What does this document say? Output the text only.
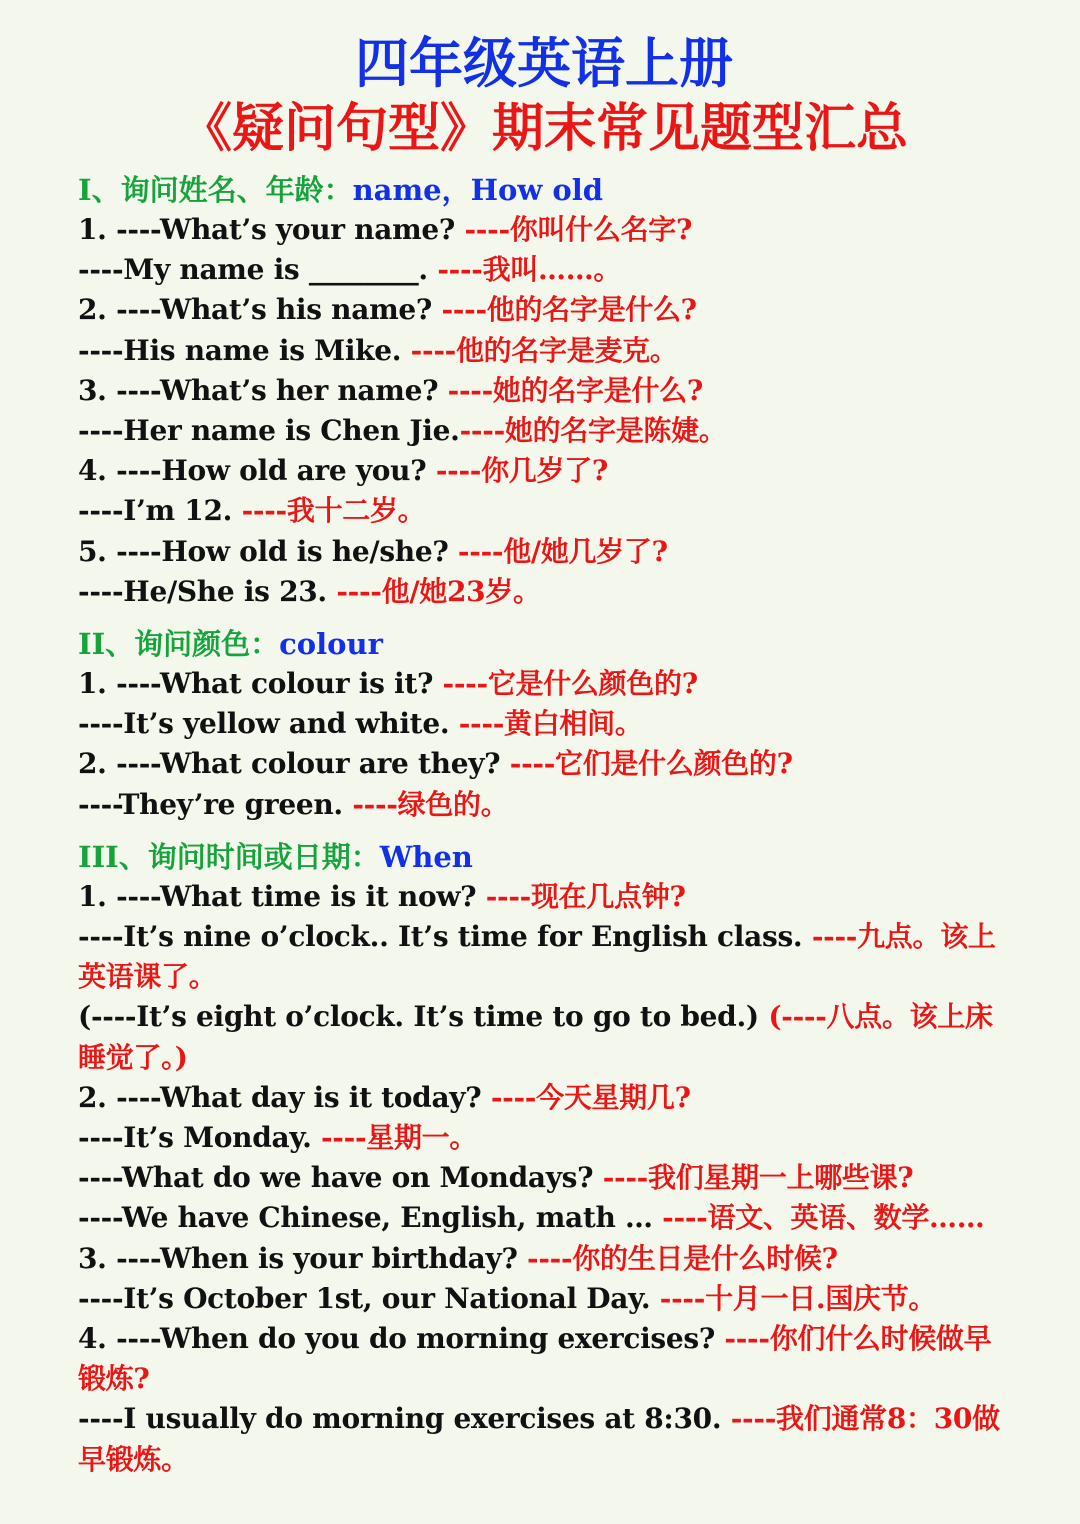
四年级英语上册
《疑问句型》期末常见题型汇总
I、询问姓名、年龄：name，How old
1. ----What’s your name? ----你叫什么名字?
----My name is ________. ----我叫……。
2. ----What’s his name? ----他的名字是什么?
----His name is Mike. ----他的名字是麦克。
3. ----What’s her name? ----她的名字是什么?
----Her name is Chen Jie.----她的名字是陈婕。
4. ----How old are you? ----你几岁了?
----I’m 12. ----我十二岁。
5. ----How old is he/she? ----他/她几岁了?
----He/She is 23. ----他/她23岁。
II、询问颜色：colour
1. ----What colour is it? ----它是什么颜色的?
----It’s yellow and white. ----黄白相间。
2. ----What colour are they? ----它们是什么颜色的?
----They’re green. ----绿色的。
III、询问时间或日期：When
1. ----What time is it now? ----现在几点钟?
----It’s nine o’clock.. It’s time for English class. ----九点。该上英语课了。
(----It’s eight o’clock. It’s time to go to bed.) (----八点。该上床睡觉了。)
2. ----What day is it today? ----今天星期几?
----It’s Monday. ----星期一。
----What do we have on Mondays? ----我们星期一上哪些课?
----We have Chinese, English, math … ----语文、英语、数学……
3. ----When is your birthday? ----你的生日是什么时候?
----It’s October 1st, our National Day. ----十月一日.国庆节。
4. ----When do you do morning exercises? ----你们什么时候做早锻炼?
----I usually do morning exercises at 8:30. ----我们通常8：30做早锻炼。
